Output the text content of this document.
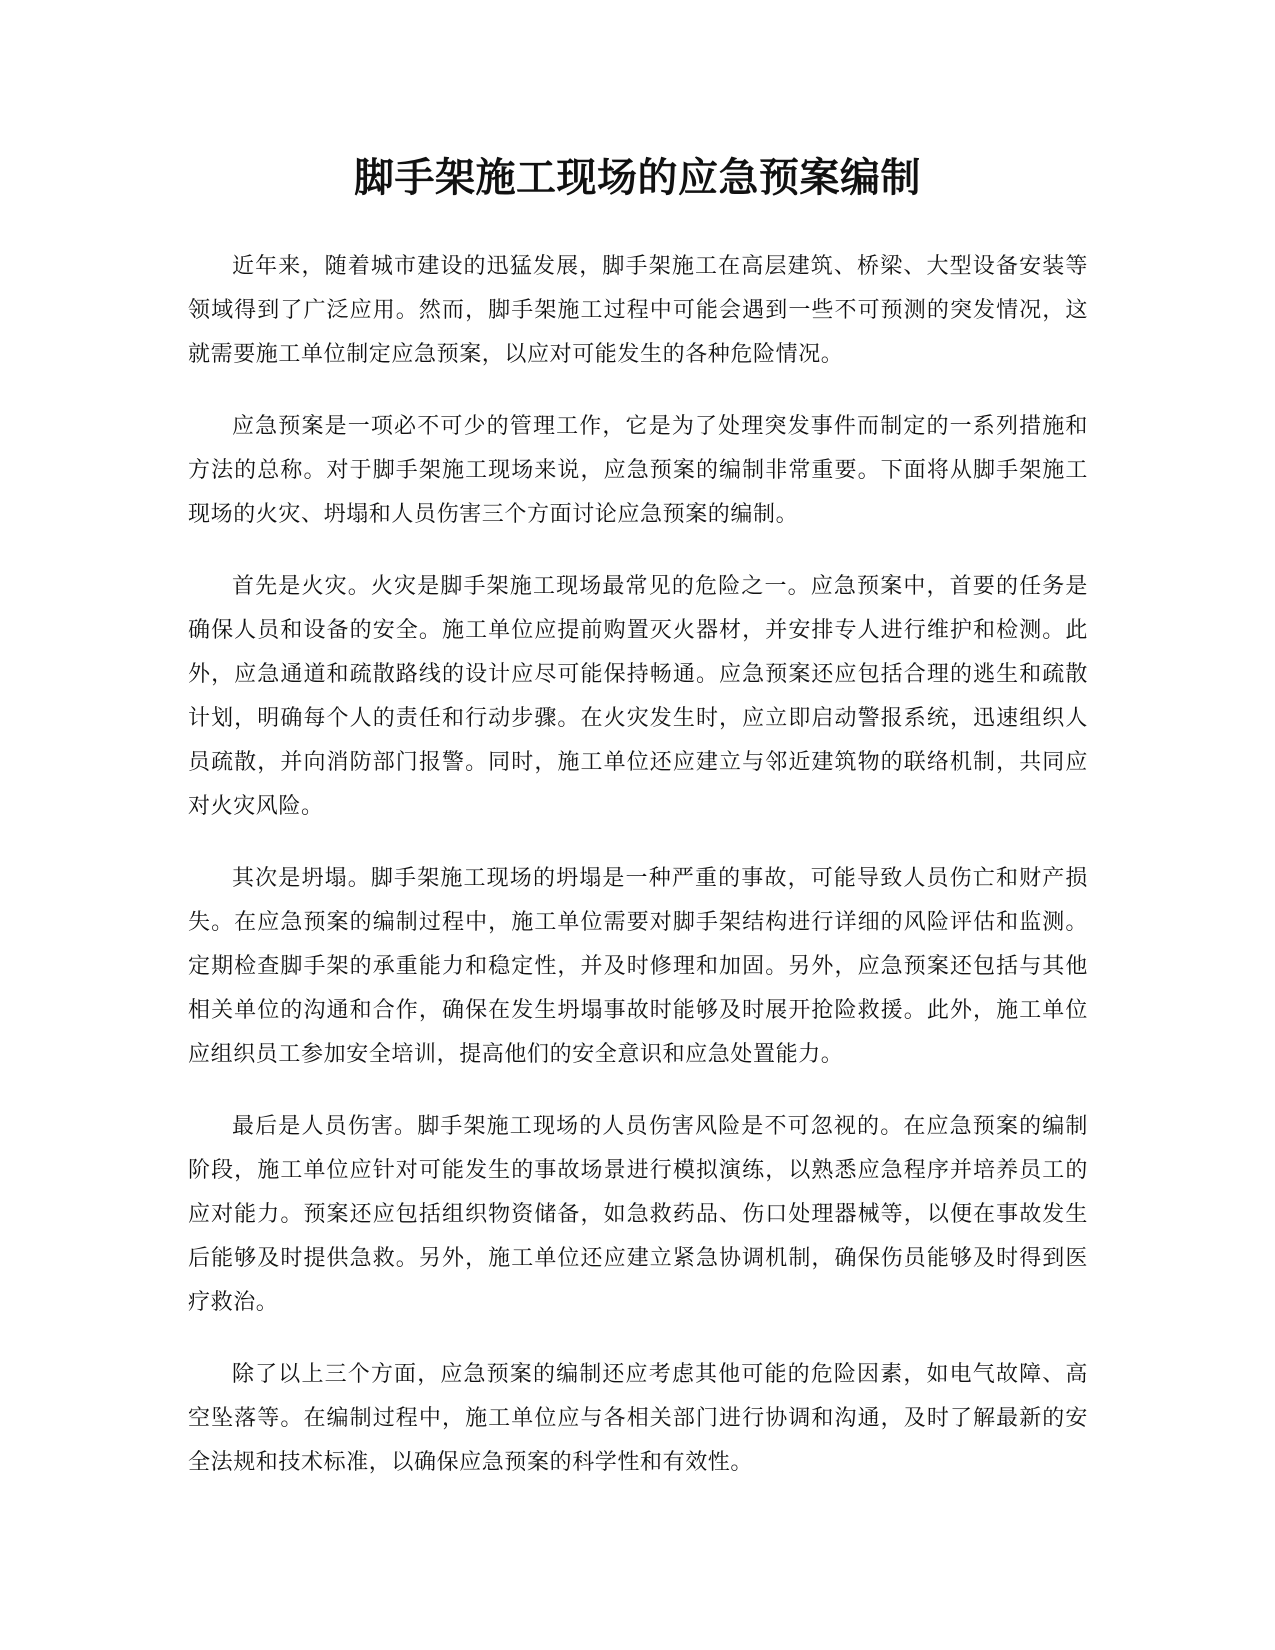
脚手架施工现场的应急预案编制

近年来，随着城市建设的迅猛发展，脚手架施工在高层建筑、桥梁、大型设备安装等领域得到了广泛应用。然而，脚手架施工过程中可能会遇到一些不可预测的突发情况，这就需要施工单位制定应急预案，以应对可能发生的各种危险情况。

应急预案是一项必不可少的管理工作，它是为了处理突发事件而制定的一系列措施和方法的总称。对于脚手架施工现场来说，应急预案的编制非常重要。下面将从脚手架施工现场的火灾、坍塌和人员伤害三个方面讨论应急预案的编制。

首先是火灾。火灾是脚手架施工现场最常见的危险之一。应急预案中，首要的任务是确保人员和设备的安全。施工单位应提前购置灭火器材，并安排专人进行维护和检测。此外，应急通道和疏散路线的设计应尽可能保持畅通。应急预案还应包括合理的逃生和疏散计划，明确每个人的责任和行动步骤。在火灾发生时，应立即启动警报系统，迅速组织人员疏散，并向消防部门报警。同时，施工单位还应建立与邻近建筑物的联络机制，共同应对火灾风险。

其次是坍塌。脚手架施工现场的坍塌是一种严重的事故，可能导致人员伤亡和财产损失。在应急预案的编制过程中，施工单位需要对脚手架结构进行详细的风险评估和监测。定期检查脚手架的承重能力和稳定性，并及时修理和加固。另外，应急预案还包括与其他相关单位的沟通和合作，确保在发生坍塌事故时能够及时展开抢险救援。此外，施工单位应组织员工参加安全培训，提高他们的安全意识和应急处置能力。

最后是人员伤害。脚手架施工现场的人员伤害风险是不可忽视的。在应急预案的编制阶段，施工单位应针对可能发生的事故场景进行模拟演练，以熟悉应急程序并培养员工的应对能力。预案还应包括组织物资储备，如急救药品、伤口处理器械等，以便在事故发生后能够及时提供急救。另外，施工单位还应建立紧急协调机制，确保伤员能够及时得到医疗救治。

除了以上三个方面，应急预案的编制还应考虑其他可能的危险因素，如电气故障、高空坠落等。在编制过程中，施工单位应与各相关部门进行协调和沟通，及时了解最新的安全法规和技术标准，以确保应急预案的科学性和有效性。
